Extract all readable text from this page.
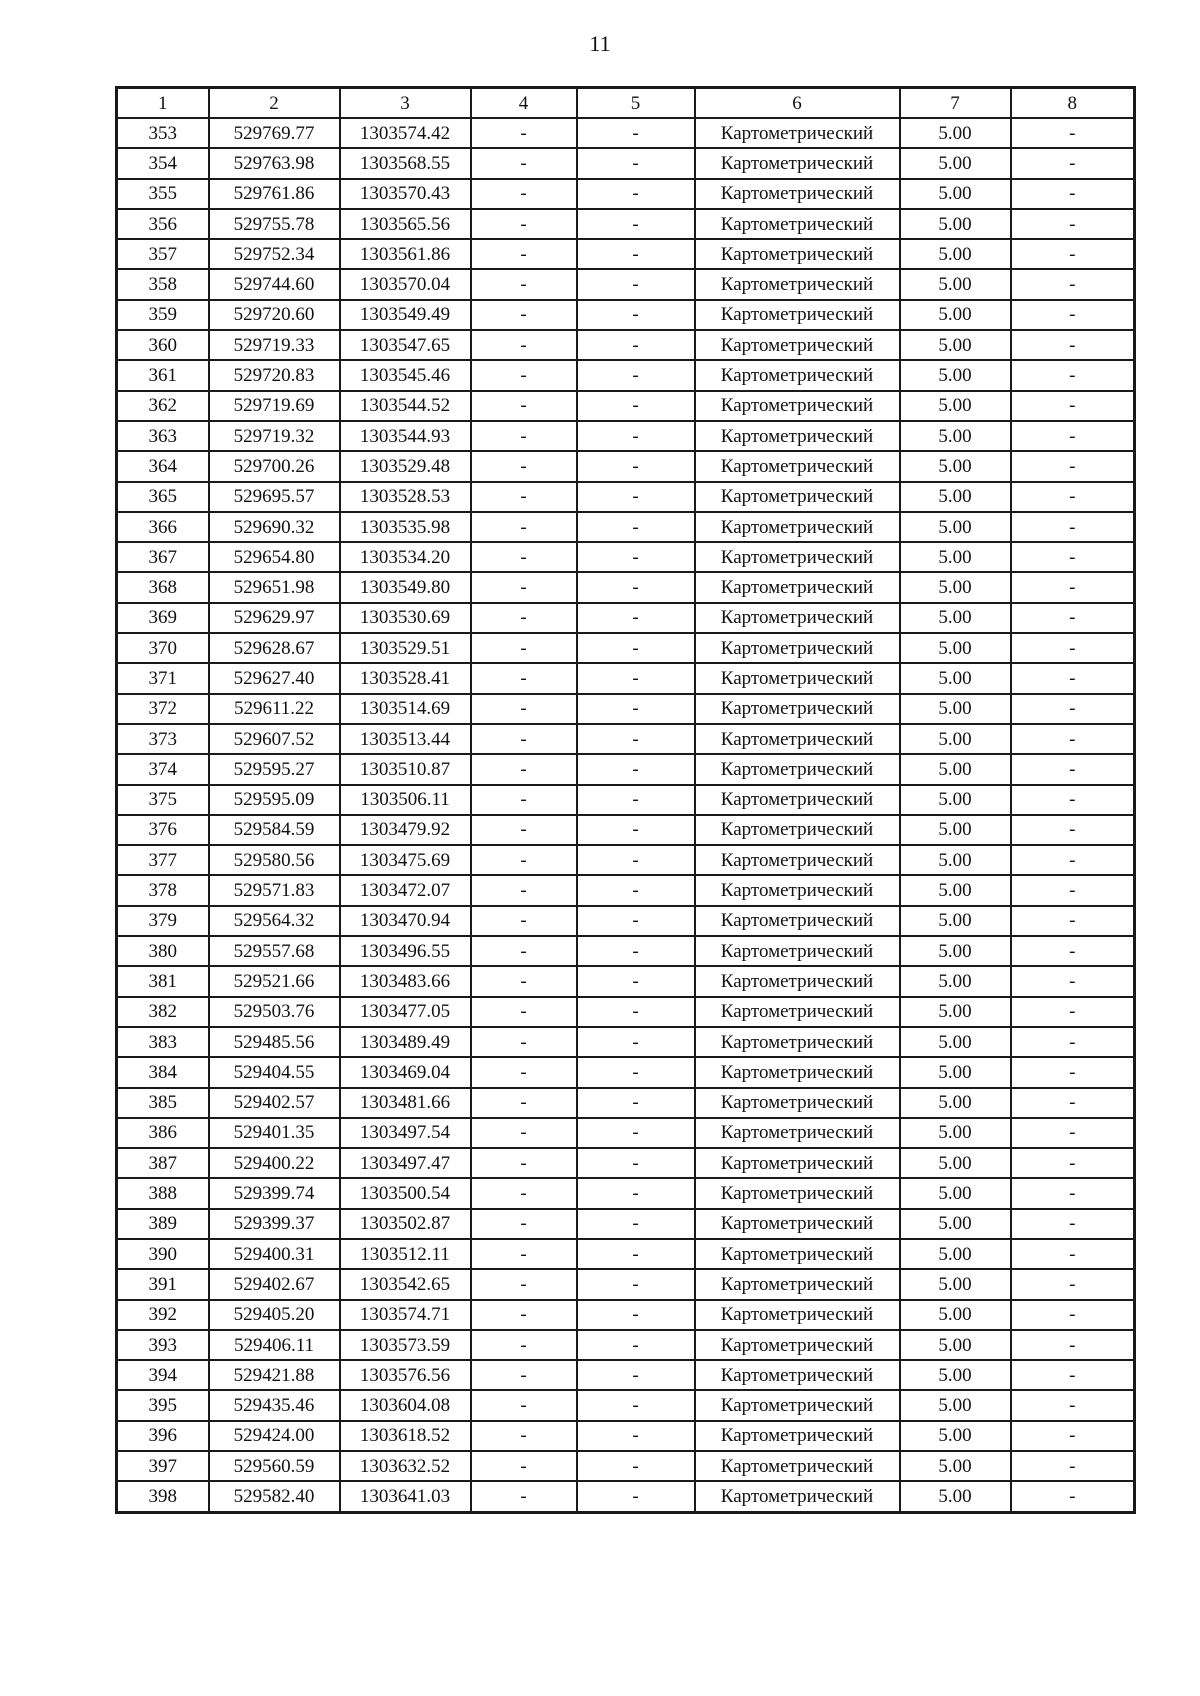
11
1	2	3	4	5	6	7	8
353	529769.77	1303574.42	-	-	Картометрический	5.00	-
354	529763.98	1303568.55	-	-	Картометрический	5.00	-
355	529761.86	1303570.43	-	-	Картометрический	5.00	-
356	529755.78	1303565.56	-	-	Картометрический	5.00	-
357	529752.34	1303561.86	-	-	Картометрический	5.00	-
358	529744.60	1303570.04	-	-	Картометрический	5.00	-
359	529720.60	1303549.49	-	-	Картометрический	5.00	-
360	529719.33	1303547.65	-	-	Картометрический	5.00	-
361	529720.83	1303545.46	-	-	Картометрический	5.00	-
362	529719.69	1303544.52	-	-	Картометрический	5.00	-
363	529719.32	1303544.93	-	-	Картометрический	5.00	-
364	529700.26	1303529.48	-	-	Картометрический	5.00	-
365	529695.57	1303528.53	-	-	Картометрический	5.00	-
366	529690.32	1303535.98	-	-	Картометрический	5.00	-
367	529654.80	1303534.20	-	-	Картометрический	5.00	-
368	529651.98	1303549.80	-	-	Картометрический	5.00	-
369	529629.97	1303530.69	-	-	Картометрический	5.00	-
370	529628.67	1303529.51	-	-	Картометрический	5.00	-
371	529627.40	1303528.41	-	-	Картометрический	5.00	-
372	529611.22	1303514.69	-	-	Картометрический	5.00	-
373	529607.52	1303513.44	-	-	Картометрический	5.00	-
374	529595.27	1303510.87	-	-	Картометрический	5.00	-
375	529595.09	1303506.11	-	-	Картометрический	5.00	-
376	529584.59	1303479.92	-	-	Картометрический	5.00	-
377	529580.56	1303475.69	-	-	Картометрический	5.00	-
378	529571.83	1303472.07	-	-	Картометрический	5.00	-
379	529564.32	1303470.94	-	-	Картометрический	5.00	-
380	529557.68	1303496.55	-	-	Картометрический	5.00	-
381	529521.66	1303483.66	-	-	Картометрический	5.00	-
382	529503.76	1303477.05	-	-	Картометрический	5.00	-
383	529485.56	1303489.49	-	-	Картометрический	5.00	-
384	529404.55	1303469.04	-	-	Картометрический	5.00	-
385	529402.57	1303481.66	-	-	Картометрический	5.00	-
386	529401.35	1303497.54	-	-	Картометрический	5.00	-
387	529400.22	1303497.47	-	-	Картометрический	5.00	-
388	529399.74	1303500.54	-	-	Картометрический	5.00	-
389	529399.37	1303502.87	-	-	Картометрический	5.00	-
390	529400.31	1303512.11	-	-	Картометрический	5.00	-
391	529402.67	1303542.65	-	-	Картометрический	5.00	-
392	529405.20	1303574.71	-	-	Картометрический	5.00	-
393	529406.11	1303573.59	-	-	Картометрический	5.00	-
394	529421.88	1303576.56	-	-	Картометрический	5.00	-
395	529435.46	1303604.08	-	-	Картометрический	5.00	-
396	529424.00	1303618.52	-	-	Картометрический	5.00	-
397	529560.59	1303632.52	-	-	Картометрический	5.00	-
398	529582.40	1303641.03	-	-	Картометрический	5.00	-
